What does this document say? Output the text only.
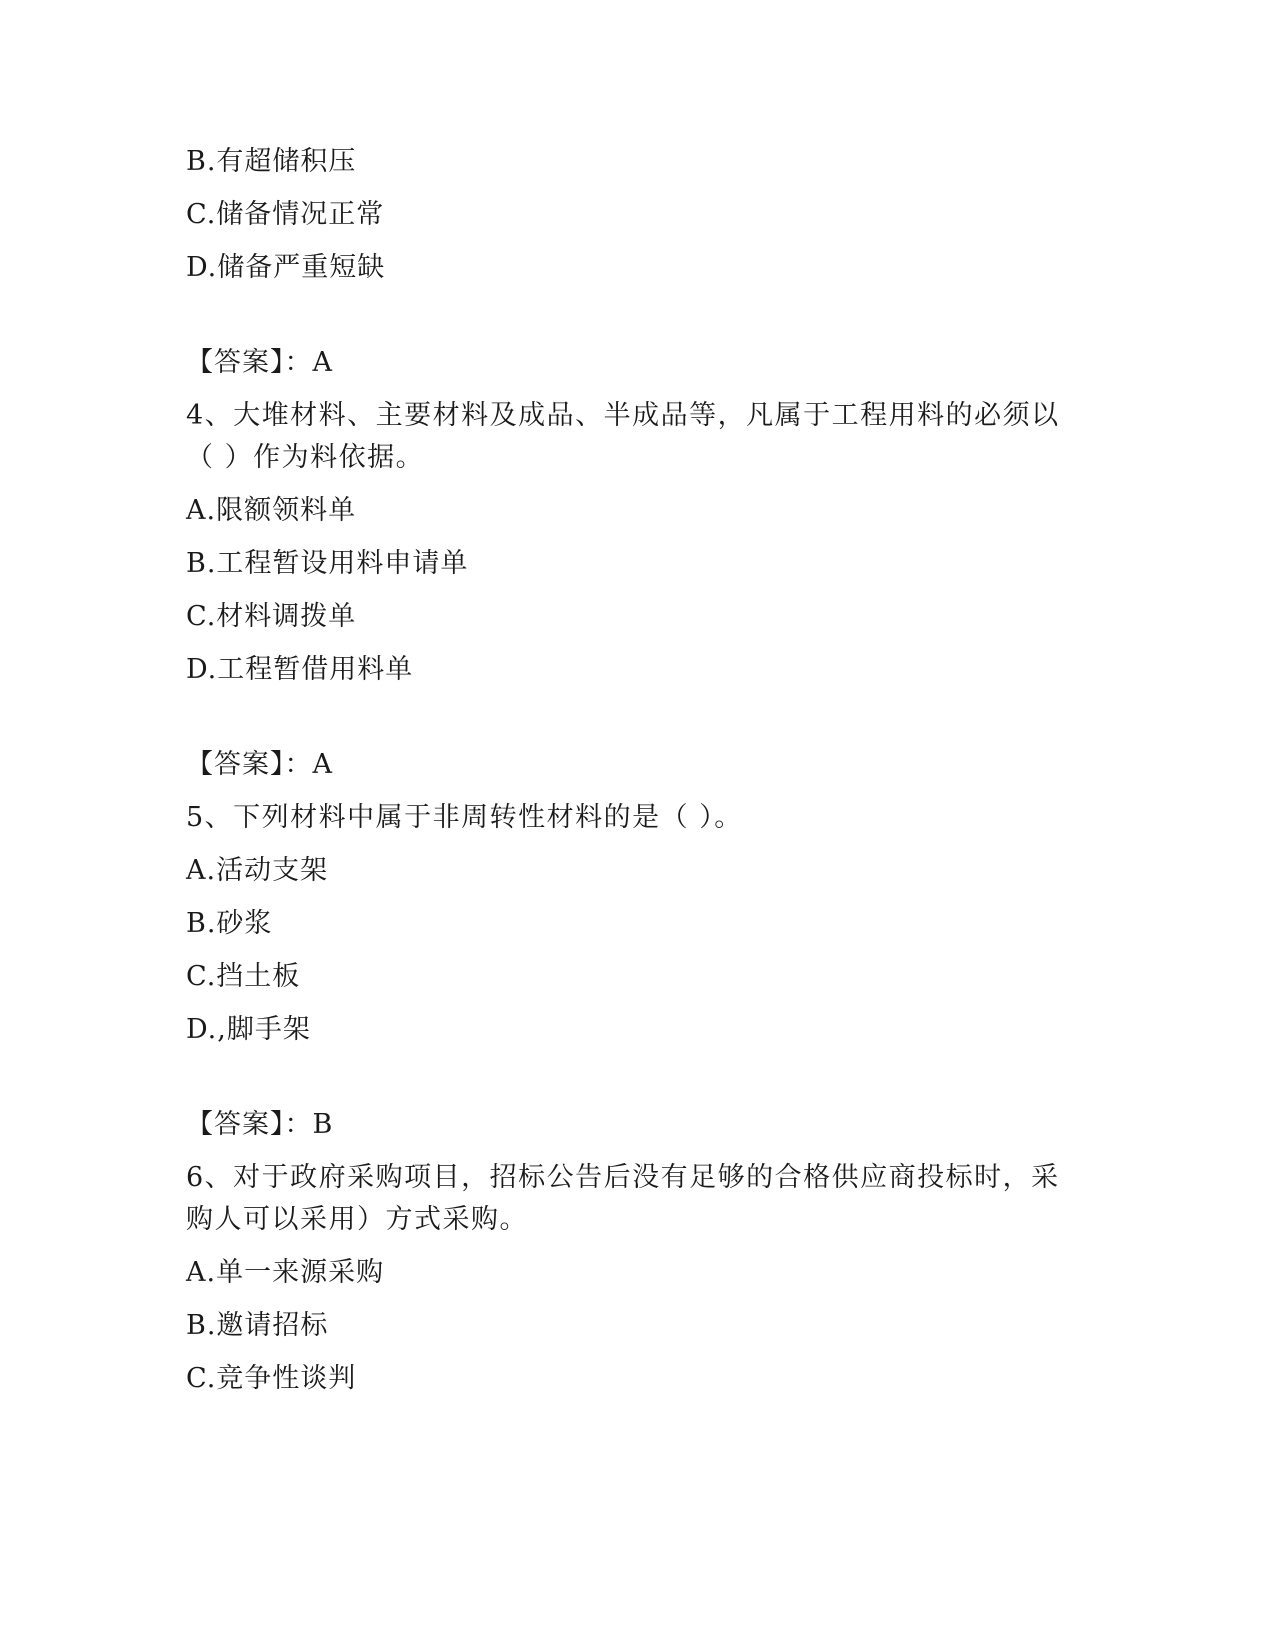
B.有超储积压
C.储备情况正常
D.储备严重短缺
【答案】：A
4、大堆材料、主要材料及成品、半成品等，凡属于工程用料的必须以
（ ）作为料依据。
A.限额领料单
B.工程暂设用料申请单
C.材料调拨单
D.工程暂借用料单
【答案】：A
5、下列材料中属于非周转性材料的是（ ）。
A.活动支架
B.砂浆
C.挡土板
D.,脚手架
【答案】：B
6、对于政府采购项目，招标公告后没有足够的合格供应商投标时，采
购人可以采用）方式采购。
A.单一来源采购
B.邀请招标
C.竞争性谈判
